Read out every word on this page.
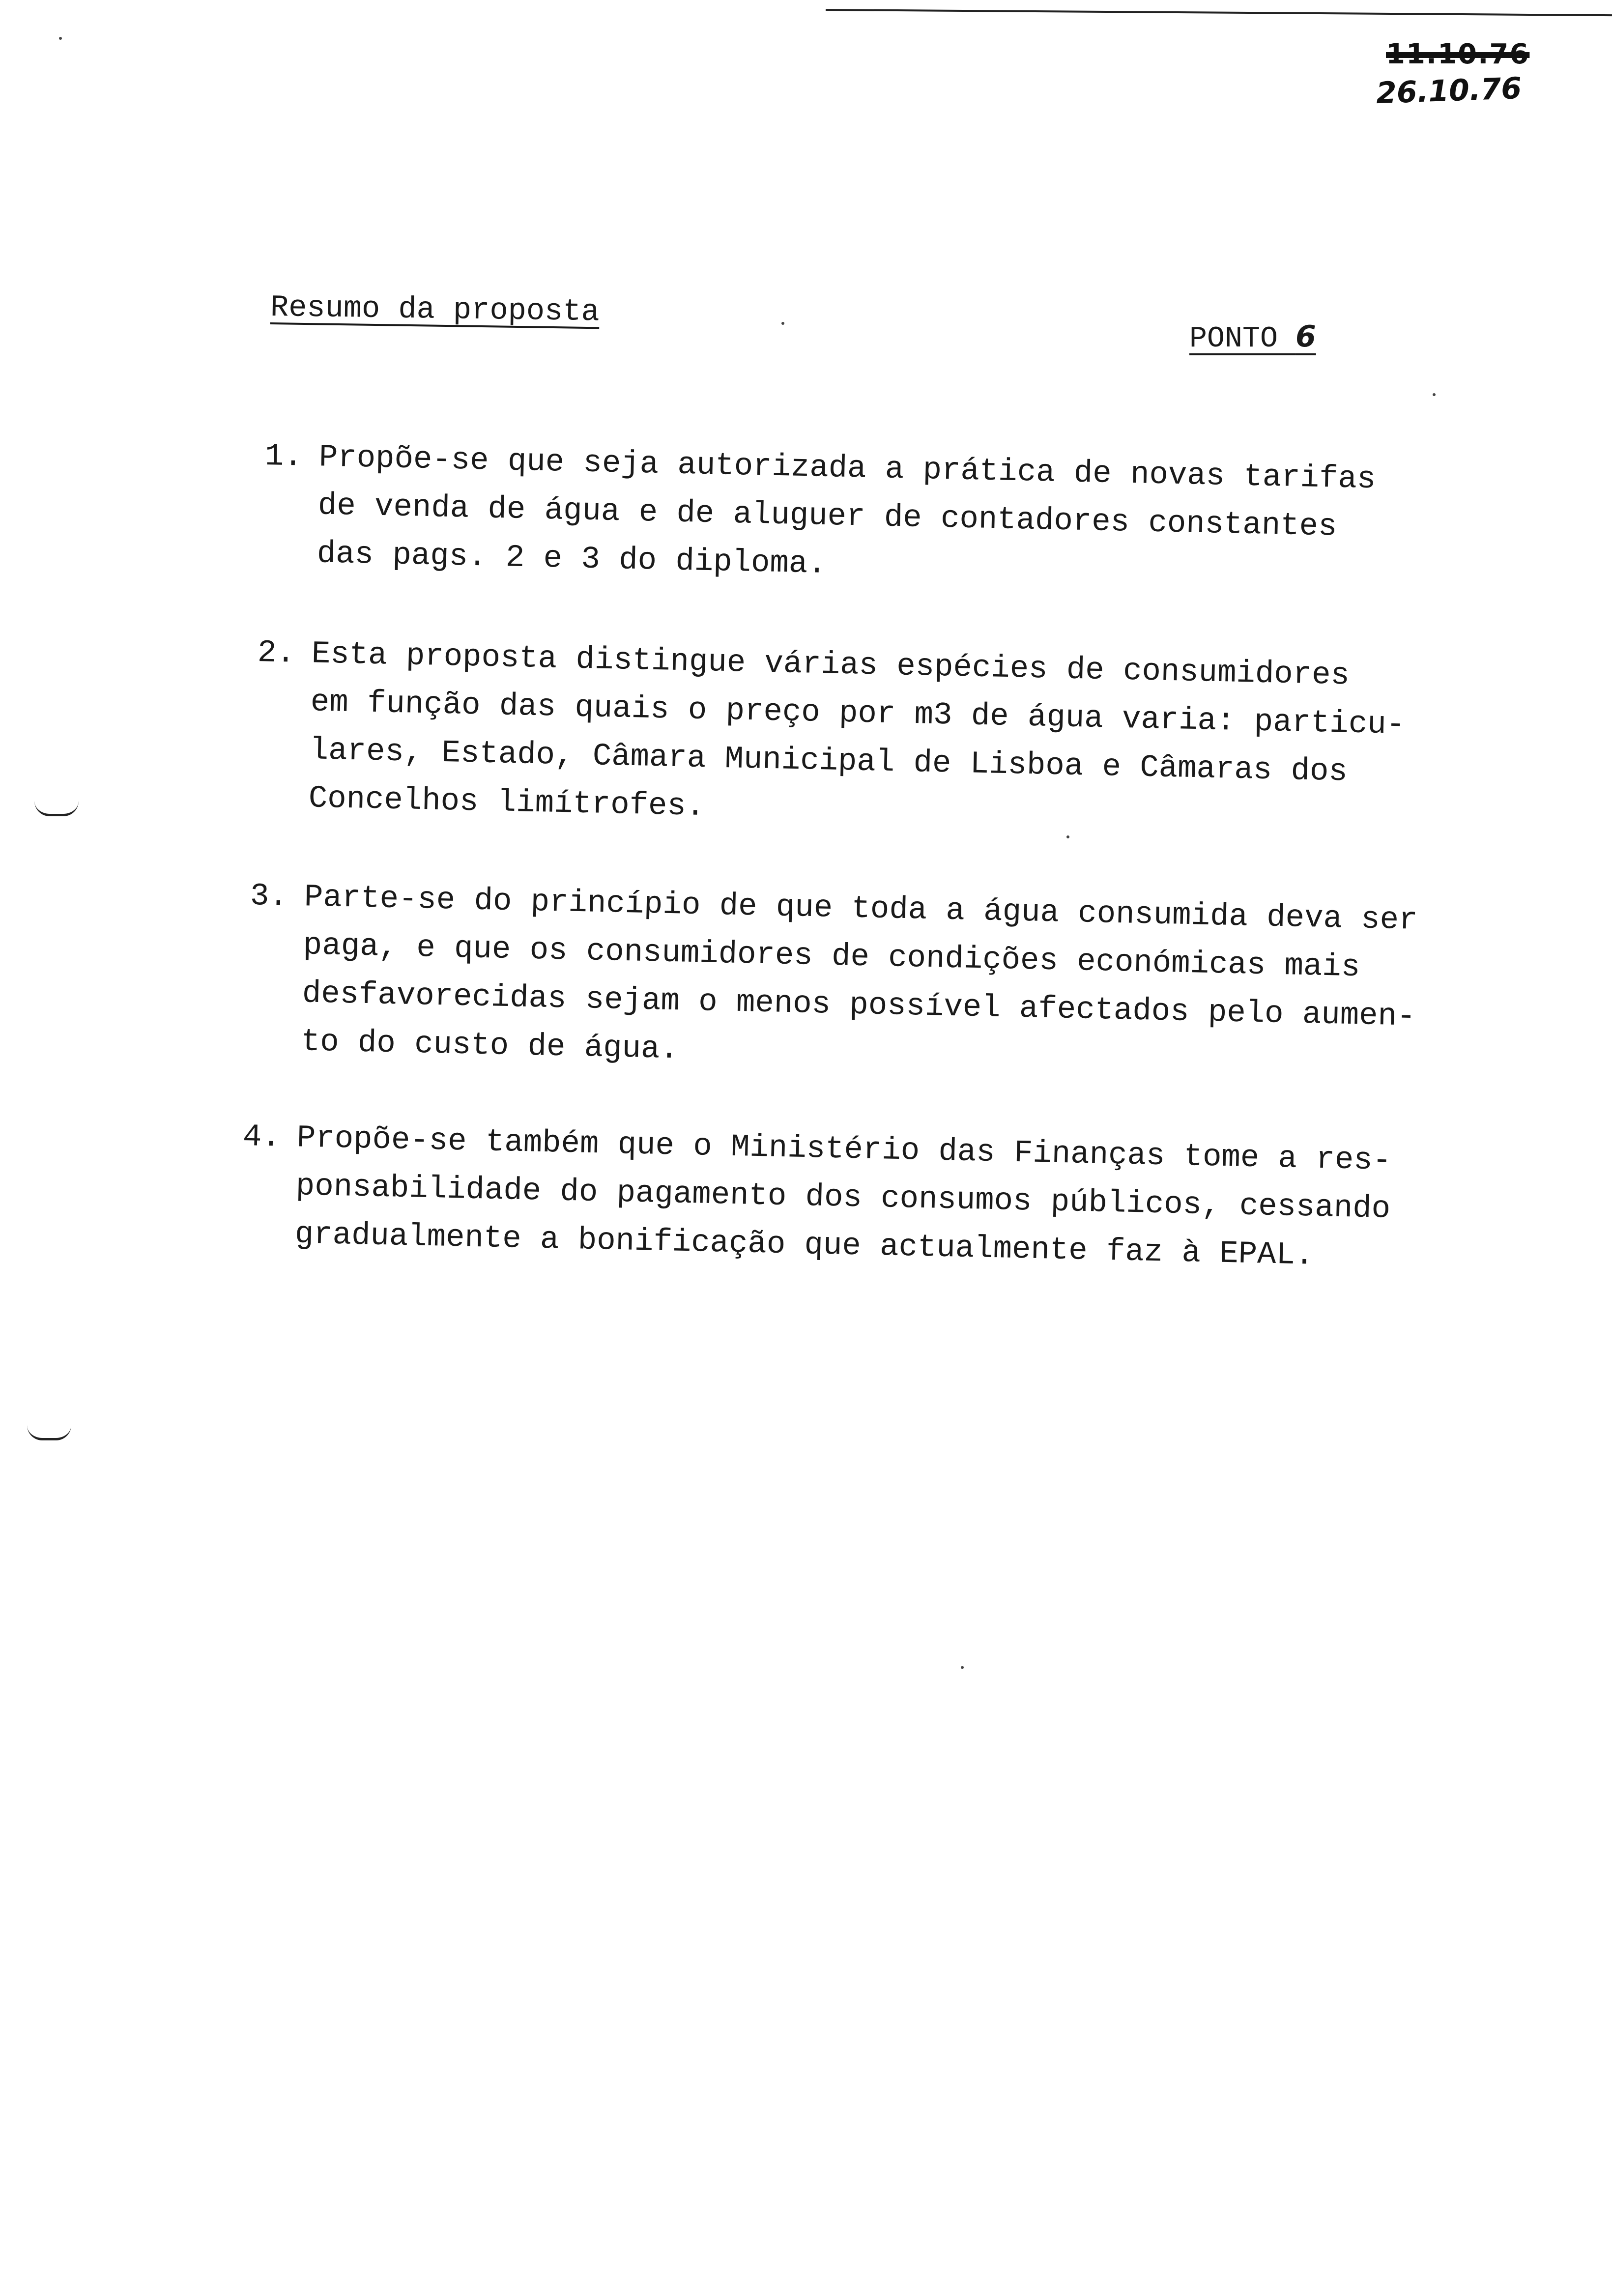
11.10.76
26.10.76
Resumo da proposta
PONTO 6
1. Propõe-se que seja autorizada a prática de novas tarifas
de venda de água e de aluguer de contadores constantes
das pags. 2 e 3 do diploma.
2. Esta proposta distingue várias espécies de consumidores
em função das quais o preço por m3 de água varia: particu-
lares, Estado, Câmara Municipal de Lisboa e Câmaras dos
Concelhos limítrofes.
3. Parte-se do princípio de que toda a água consumida deva ser
paga, e que os consumidores de condições económicas mais
desfavorecidas sejam o menos possível afectados pelo aumen-
to do custo de água.
4. Propõe-se também que o Ministério das Finanças tome a res-
ponsabilidade do pagamento dos consumos públicos, cessando
gradualmente a bonificação que actualmente faz à EPAL.
